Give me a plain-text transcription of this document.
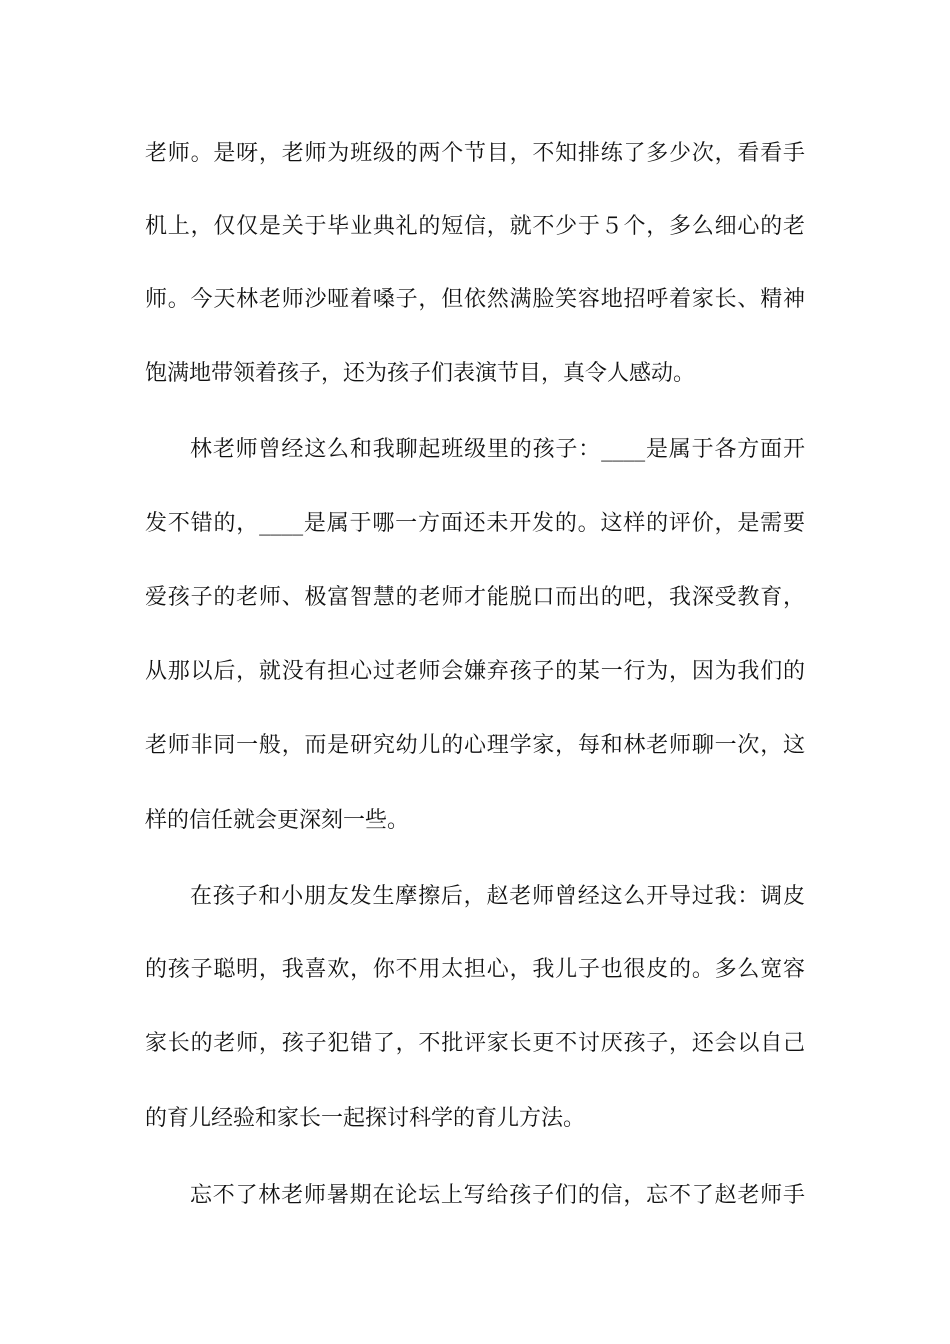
老师。是呀，老师为班级的两个节目，不知排练了多少次，看看手
机上，仅仅是关于毕业典礼的短信，就不少于５个，多么细心的老
师。今天林老师沙哑着嗓子，但依然满脸笑容地招呼着家长、精神
饱满地带领着孩子，还为孩子们表演节目，真令人感动。
林老师曾经这么和我聊起班级里的孩子：____是属于各方面开
发不错的，____是属于哪一方面还未开发的。这样的评价，是需要
爱孩子的老师、极富智慧的老师才能脱口而出的吧，我深受教育，
从那以后，就没有担心过老师会嫌弃孩子的某一行为，因为我们的
老师非同一般，而是研究幼儿的心理学家，每和林老师聊一次，这
样的信任就会更深刻一些。
在孩子和小朋友发生摩擦后，赵老师曾经这么开导过我：调皮
的孩子聪明，我喜欢，你不用太担心，我儿子也很皮的。多么宽容
家长的老师，孩子犯错了，不批评家长更不讨厌孩子，还会以自己
的育儿经验和家长一起探讨科学的育儿方法。
忘不了林老师暑期在论坛上写给孩子们的信，忘不了赵老师手
